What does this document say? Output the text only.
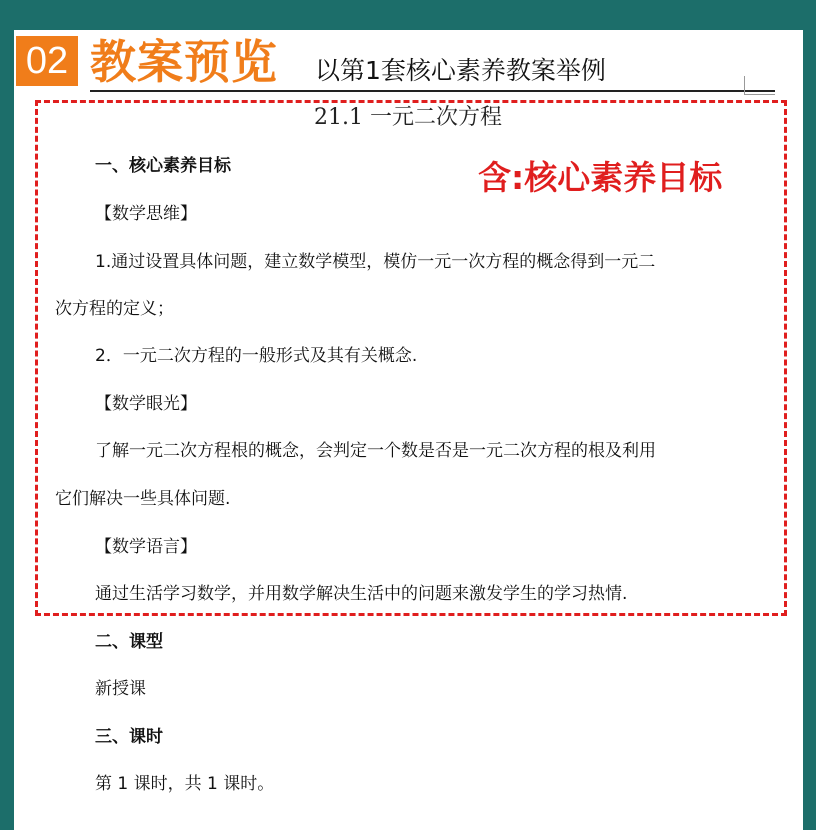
02 教案预览 以第1套核心素养教案举例
21.1 一元二次方程
含:核心素养目标
一、核心素养目标
【数学思维】
1.通过设置具体问题，建立数学模型，模仿一元一次方程的概念得到一元二
次方程的定义；
2．一元二次方程的一般形式及其有关概念.
【数学眼光】
了解一元二次方程根的概念，会判定一个数是否是一元二次方程的根及利用
它们解决一些具体问题.
【数学语言】
通过生活学习数学，并用数学解决生活中的问题来激发学生的学习热情.
二、课型
新授课
三、课时
第 1 课时，共 1 课时。
